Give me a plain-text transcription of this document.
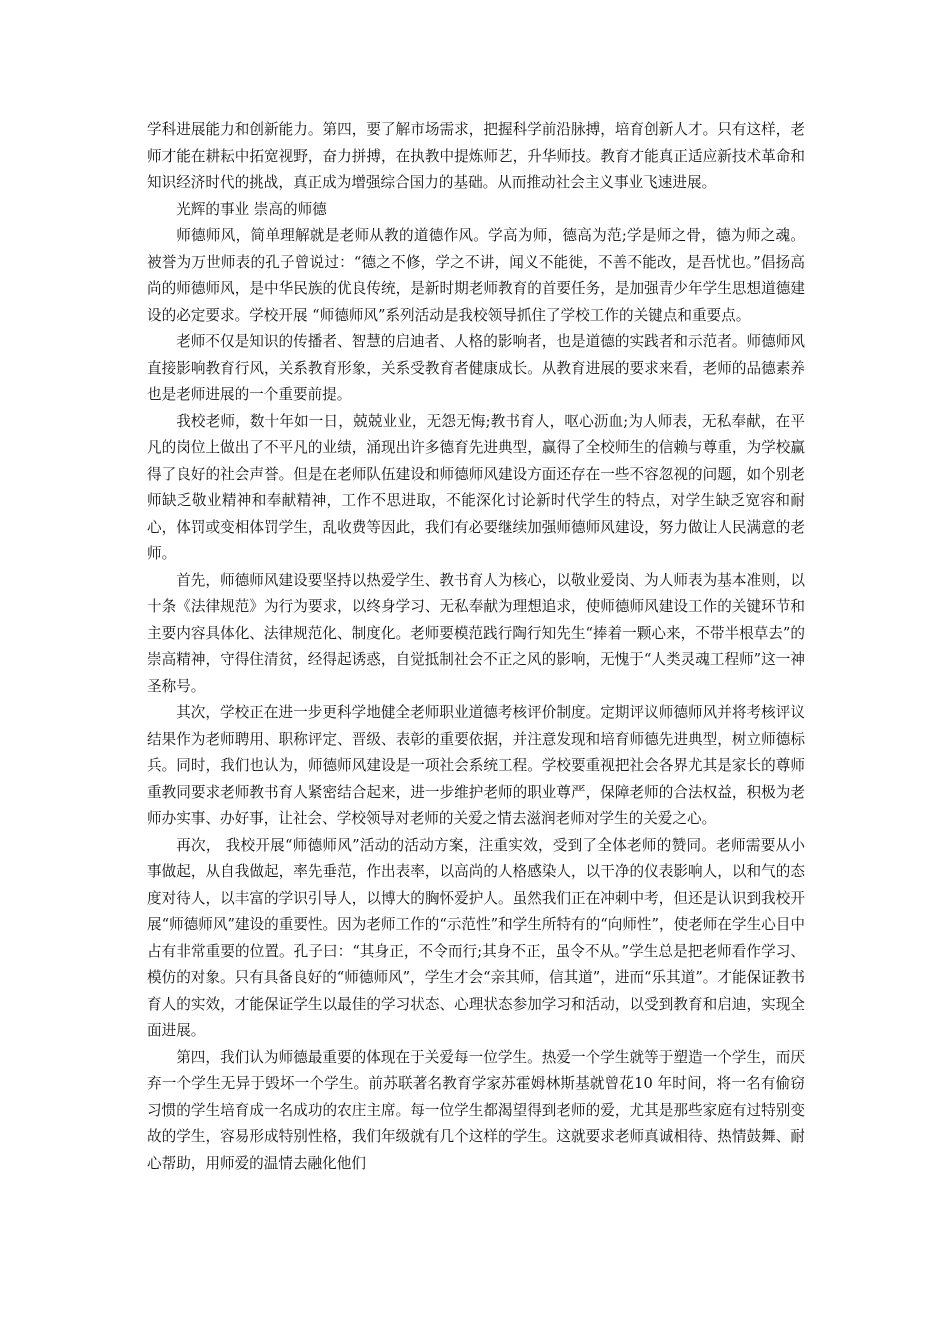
学科进展能力和创新能力。第四，要了解市场需求，把握科学前沿脉搏，培育创新人才。只有这样，老师才能在耕耘中拓宽视野，奋力拼搏，在执教中提炼师艺，升华师技。教育才能真正适应新技术革命和知识经济时代的挑战，真正成为增强综合国力的基础。从而推动社会主义事业飞速进展。

光辉的事业 崇高的师德

师德师风，简单理解就是老师从教的道德作风。学高为师，德高为范;学是师之骨，德为师之魂。被誉为万世师表的孔子曾说过：“德之不修，学之不讲，闻义不能徙，不善不能改，是吾忧也。”倡扬高尚的师德师风，是中华民族的优良传统，是新时期老师教育的首要任务，是加强青少年学生思想道德建设的必定要求。学校开展 “师德师风”系列活动是我校领导抓住了学校工作的关键点和重要点。

老师不仅是知识的传播者、智慧的启迪者、人格的影响者，也是道德的实践者和示范者。师德师风直接影响教育行风，关系教育形象，关系受教育者健康成长。从教育进展的要求来看，老师的品德素养也是老师进展的一个重要前提。

我校老师，数十年如一日，兢兢业业，无怨无悔;教书育人，呕心沥血;为人师表，无私奉献，在平凡的岗位上做出了不平凡的业绩，涌现出许多德育先进典型，赢得了全校师生的信赖与尊重，为学校赢得了良好的社会声誉。但是在老师队伍建设和师德师风建设方面还存在一些不容忽视的问题，如个别老师缺乏敬业精神和奉献精神，工作不思进取，不能深化讨论新时代学生的特点，对学生缺乏宽容和耐心，体罚或变相体罚学生，乱收费等因此，我们有必要继续加强师德师风建设，努力做让人民满意的老师。

首先，师德师风建设要坚持以热爱学生、教书育人为核心，以敬业爱岗、为人师表为基本准则，以十条《法律规范》为行为要求，以终身学习、无私奉献为理想追求，使师德师风建设工作的关键环节和主要内容具体化、法律规范化、制度化。老师要模范践行陶行知先生“捧着一颗心来，不带半根草去”的崇高精神，守得住清贫，经得起诱惑，自觉抵制社会不正之风的影响，无愧于“人类灵魂工程师”这一神圣称号。

其次，学校正在进一步更科学地健全老师职业道德考核评价制度。定期评议师德师风并将考核评议结果作为老师聘用、职称评定、晋级、表彰的重要依据，并注意发现和培育师德先进典型，树立师德标兵。同时，我们也认为，师德师风建设是一项社会系统工程。学校要重视把社会各界尤其是家长的尊师重教同要求老师教书育人紧密结合起来，进一步维护老师的职业尊严，保障老师的合法权益，积极为老师办实事、办好事，让社会、学校领导对老师的关爱之情去滋润老师对学生的关爱之心。

再次， 我校开展“师德师风”活动的活动方案，注重实效，受到了全体老师的赞同。老师需要从小事做起，从自我做起，率先垂范，作出表率，以高尚的人格感染人，以干净的仪表影响人，以和气的态度对待人，以丰富的学识引导人，以博大的胸怀爱护人。虽然我们正在冲刺中考，但还是认识到我校开展“师德师风”建设的重要性。因为老师工作的“示范性”和学生所特有的“向师性”，使老师在学生心目中占有非常重要的位置。孔子曰：“其身正，不令而行;其身不正，虽令不从。”学生总是把老师看作学习、模仿的对象。只有具备良好的“师德师风”，学生才会“亲其师，信其道”，进而“乐其道”。才能保证教书育人的实效，才能保证学生以最佳的学习状态、心理状态参加学习和活动，以受到教育和启迪，实现全面进展。

第四，我们认为师德最重要的体现在于关爱每一位学生。热爱一个学生就等于塑造一个学生，而厌弃一个学生无异于毁坏一个学生。前苏联著名教育学家苏霍姆林斯基就曾花10 年时间，将一名有偷窃习惯的学生培育成一名成功的农庄主席。每一位学生都渴望得到老师的爱，尤其是那些家庭有过特别变故的学生，容易形成特别性格，我们年级就有几个这样的学生。这就要求老师真诚相待、热情鼓舞、耐心帮助，用师爱的温情去融化他们
